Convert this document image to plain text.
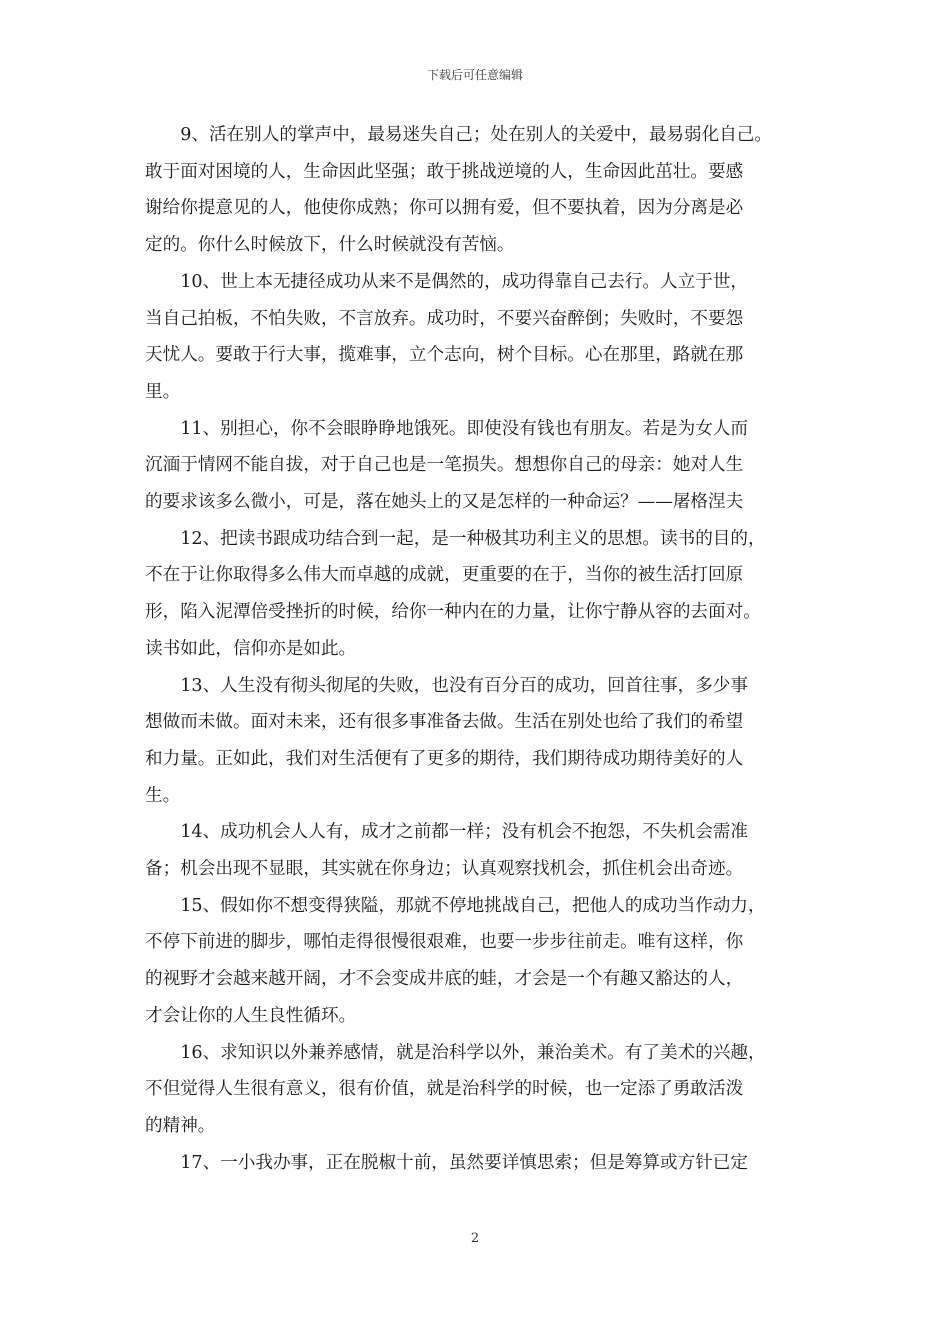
下载后可任意编辑

9、活在别人的掌声中，最易迷失自己；处在别人的关爱中，最易弱化自己。
敢于面对困境的人，生命因此坚强；敢于挑战逆境的人，生命因此茁壮。要感
谢给你提意见的人，他使你成熟；你可以拥有爱，但不要执着，因为分离是必
定的。你什么时候放下，什么时候就没有苦恼。

10、世上本无捷径成功从来不是偶然的，成功得靠自己去行。人立于世，
当自己拍板，不怕失败，不言放弃。成功时，不要兴奋醉倒；失败时，不要怨
天忧人。要敢于行大事，揽难事，立个志向，树个目标。心在那里，路就在那
里。

11、别担心，你不会眼睁睁地饿死。即使没有钱也有朋友。若是为女人而
沉湎于情网不能自拔，对于自己也是一笔损失。想想你自己的母亲：她对人生
的要求该多么微小，可是，落在她头上的又是怎样的一种命运？——屠格涅夫

12、把读书跟成功结合到一起，是一种极其功利主义的思想。读书的目的，
不在于让你取得多么伟大而卓越的成就，更重要的在于，当你的被生活打回原
形，陷入泥潭倍受挫折的时候，给你一种内在的力量，让你宁静从容的去面对。
读书如此，信仰亦是如此。

13、人生没有彻头彻尾的失败，也没有百分百的成功，回首往事，多少事
想做而未做。面对未来，还有很多事准备去做。生活在别处也给了我们的希望
和力量。正如此，我们对生活便有了更多的期待，我们期待成功期待美好的人
生。

14、成功机会人人有，成才之前都一样；没有机会不抱怨，不失机会需准
备；机会出现不显眼，其实就在你身边；认真观察找机会，抓住机会出奇迹。

15、假如你不想变得狭隘，那就不停地挑战自己，把他人的成功当作动力，
不停下前进的脚步，哪怕走得很慢很艰难，也要一步步往前走。唯有这样，你
的视野才会越来越开阔，才不会变成井底的蛙，才会是一个有趣又豁达的人，
才会让你的人生良性循环。

16、求知识以外兼养感情，就是治科学以外，兼治美术。有了美术的兴趣，
不但觉得人生很有意义，很有价值，就是治科学的时候，也一定添了勇敢活泼
的精神。

17、一小我办事，正在脱椒十前，虽然要详慎思索；但是筹算或方针已定

2
